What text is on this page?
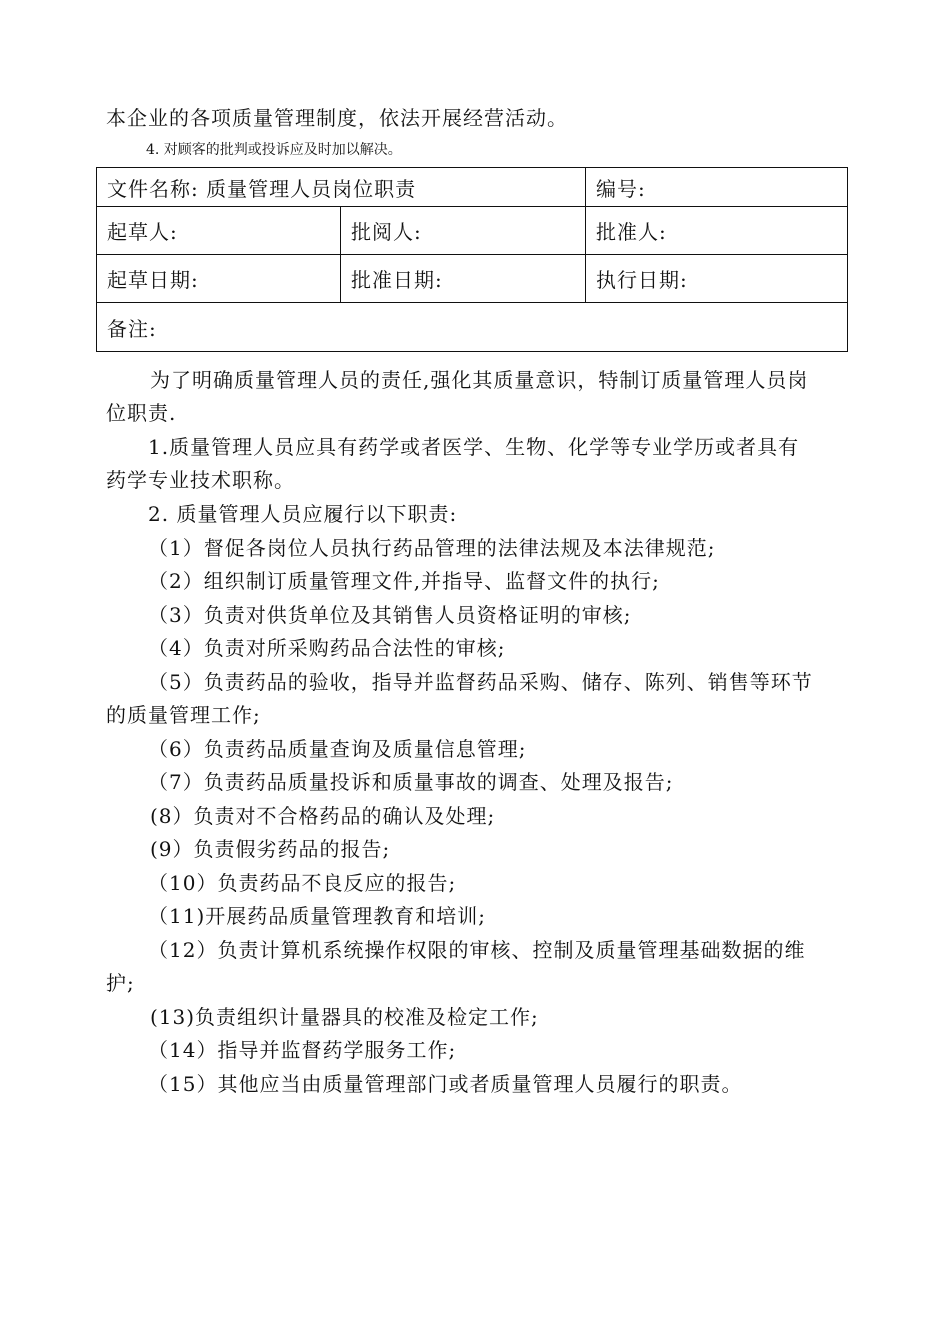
本企业的各项质量管理制度，依法开展经营活动。
4. 对顾客的批判或投诉应及时加以解决。
文件名称: 质量管理人员岗位职责		编号:
起草人:	批阅人:	批准人:
起草日期:	批准日期:	执行日期:
备注:		
为了明确质量管理人员的责任,强化其质量意识，特制订质量管理人员岗
位职责.
1.质量管理人员应具有药学或者医学、生物、化学等专业学历或者具有
药学专业技术职称。
2. 质量管理人员应履行以下职责:
（1）督促各岗位人员执行药品管理的法律法规及本法律规范;
（2）组织制订质量管理文件,并指导、监督文件的执行;
（3）负责对供货单位及其销售人员资格证明的审核;
（4）负责对所采购药品合法性的审核;
（5）负责药品的验收，指导并监督药品采购、储存、陈列、销售等环节
的质量管理工作;
（6）负责药品质量查询及质量信息管理;
（7）负责药品质量投诉和质量事故的调查、处理及报告;
(8）负责对不合格药品的确认及处理;
(9）负责假劣药品的报告;
（10）负责药品不良反应的报告;
（11)开展药品质量管理教育和培训;
（12）负责计算机系统操作权限的审核、控制及质量管理基础数据的维
护;
(13)负责组织计量器具的校准及检定工作;
（14）指导并监督药学服务工作;
（15）其他应当由质量管理部门或者质量管理人员履行的职责。
